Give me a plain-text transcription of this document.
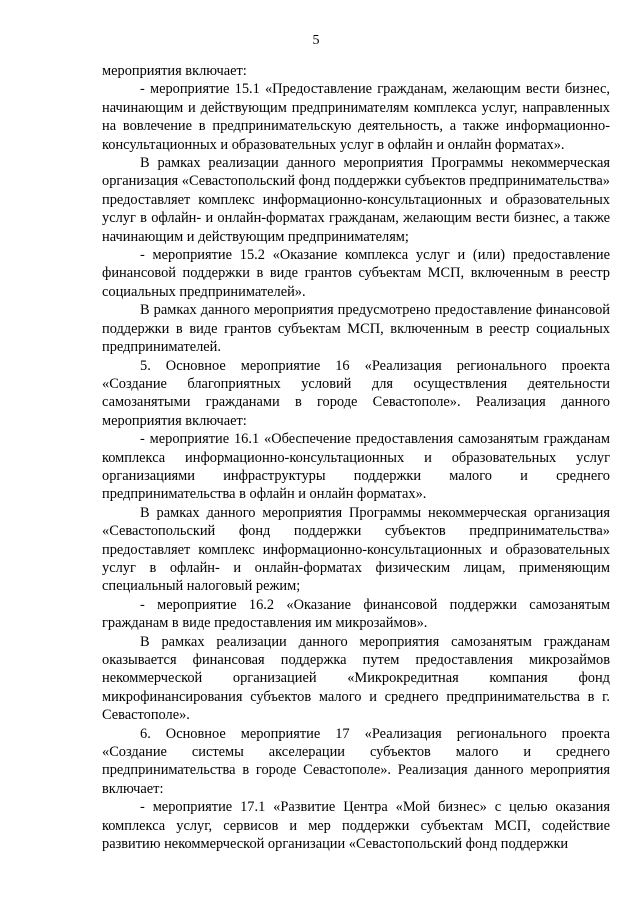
5

мероприятия включает:

- мероприятие 15.1 «Предоставление гражданам, желающим вести бизнес, начинающим и действующим предпринимателям комплекса услуг, направленных на вовлечение в предпринимательскую деятельность, а также информационно-консультационных и образовательных услуг в офлайн и онлайн форматах».

В рамках реализации данного мероприятия Программы некоммерческая организация «Севастопольский фонд поддержки субъектов предпринимательства» предоставляет комплекс информационно-консультационных и образовательных услуг в офлайн- и онлайн-форматах гражданам, желающим вести бизнес, а также начинающим и действующим предпринимателям;

- мероприятие 15.2 «Оказание комплекса услуг и (или) предоставление финансовой поддержки в виде грантов субъектам МСП, включенным в реестр социальных предпринимателей».

В рамках данного мероприятия предусмотрено предоставление финансовой поддержки в виде грантов субъектам МСП, включенным в реестр социальных предпринимателей.

5. Основное мероприятие 16 «Реализация регионального проекта «Создание благоприятных условий для осуществления деятельности самозанятыми гражданами в городе Севастополе». Реализация данного мероприятия включает:

- мероприятие 16.1 «Обеспечение предоставления самозанятым гражданам комплекса информационно-консультационных и образовательных услуг организациями инфраструктуры поддержки малого и среднего предпринимательства в офлайн и онлайн форматах».

В рамках данного мероприятия Программы некоммерческая организация «Севастопольский фонд поддержки субъектов предпринимательства» предоставляет комплекс информационно-консультационных и образовательных услуг в офлайн- и онлайн-форматах физическим лицам, применяющим специальный налоговый режим;

- мероприятие 16.2 «Оказание финансовой поддержки самозанятым гражданам в виде предоставления им микрозаймов».

В рамках реализации данного мероприятия самозанятым гражданам оказывается финансовая поддержка путем предоставления микрозаймов некоммерческой организацией «Микрокредитная компания фонд микрофинансирования субъектов малого и среднего предпринимательства в г. Севастополе».

6. Основное мероприятие 17 «Реализация регионального проекта «Создание системы акселерации субъектов малого и среднего предпринимательства в городе Севастополе». Реализация данного мероприятия включает:

- мероприятие 17.1 «Развитие Центра «Мой бизнес» с целью оказания комплекса услуг, сервисов и мер поддержки субъектам МСП, содействие развитию некоммерческой организации «Севастопольский фонд поддержки
